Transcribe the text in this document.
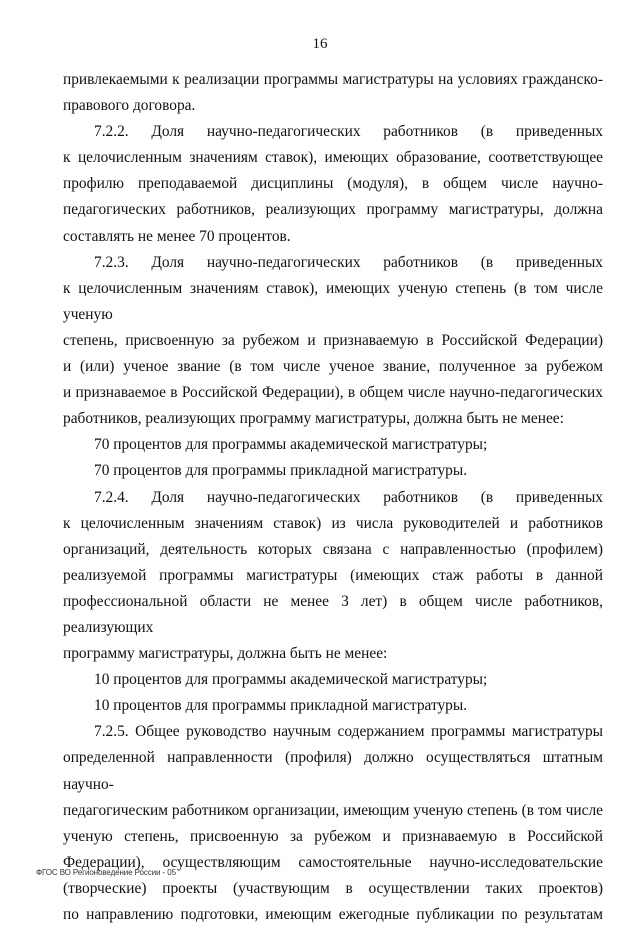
16

привлекаемыми к реализации программы магистратуры на условиях гражданско-

правового договора.

7.2.2. Доля научно-педагогических работников (в приведенных

к целочисленным значениям ставок), имеющих образование, соответствующее

профилю преподаваемой дисциплины (модуля), в общем числе научно-

педагогических работников, реализующих программу магистратуры, должна

составлять не менее 70 процентов.

7.2.3. Доля научно-педагогических работников (в приведенных

к целочисленным значениям ставок), имеющих ученую степень (в том числе ученую

степень, присвоенную за рубежом и признаваемую в Российской Федерации)

и (или) ученое звание (в том числе ученое звание, полученное за рубежом

и признаваемое в Российской Федерации), в общем числе научно-педагогических

работников, реализующих программу магистратуры, должна быть не менее:

70 процентов для программы академической магистратуры;

70 процентов для программы прикладной магистратуры.

7.2.4. Доля научно-педагогических работников (в приведенных

к целочисленным значениям ставок) из числа руководителей и работников

организаций, деятельность которых связана с направленностью (профилем)

реализуемой программы магистратуры (имеющих стаж работы в данной

профессиональной области не менее 3 лет) в общем числе работников, реализующих

программу магистратуры, должна быть не менее:

10 процентов для программы академической магистратуры;

10 процентов для программы прикладной магистратуры.

7.2.5. Общее руководство научным содержанием программы магистратуры

определенной направленности (профиля) должно осуществляться штатным научно-

педагогическим работником организации, имеющим ученую степень (в том числе

ученую степень, присвоенную за рубежом и признаваемую в Российской

Федерации), осуществляющим самостоятельные научно-исследовательские

(творческие) проекты (участвующим в осуществлении таких проектов)

по направлению подготовки, имеющим ежегодные публикации по результатам

ФГОС ВО Регионоведение России - 05
